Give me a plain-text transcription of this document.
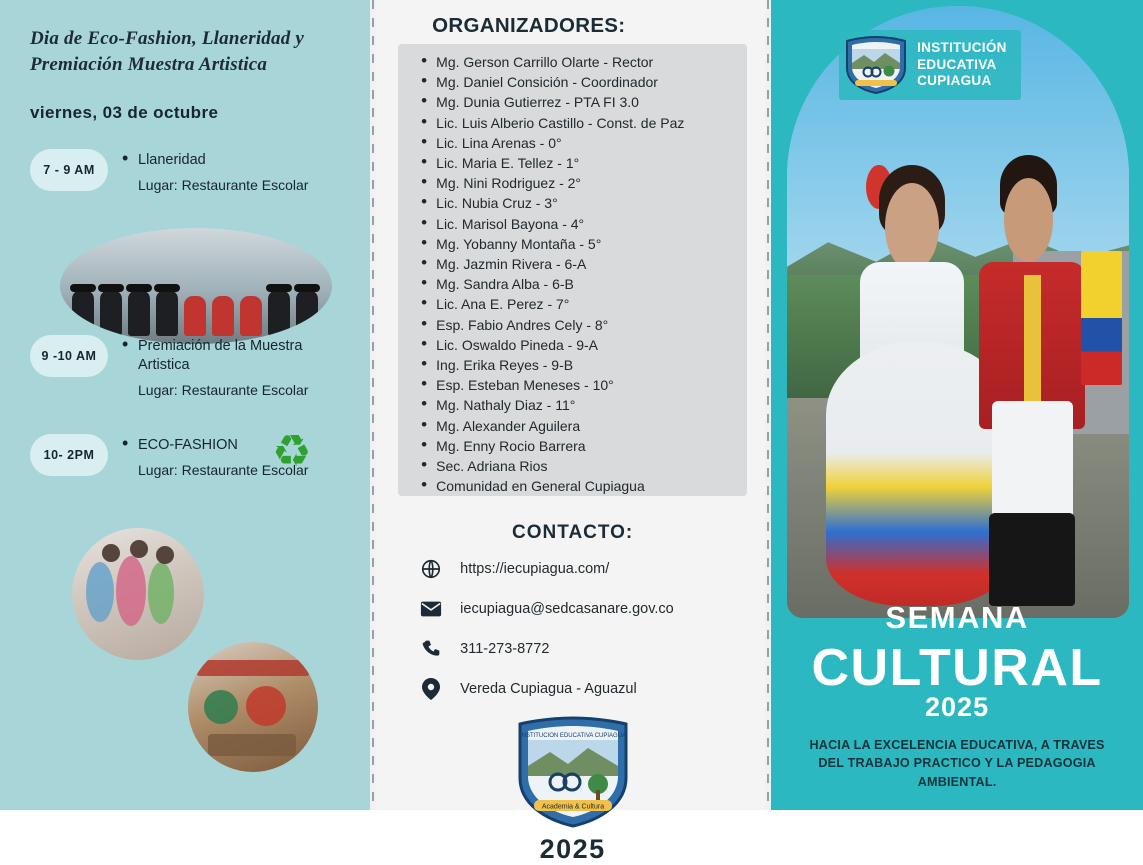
Dia de Eco-Fashion, Llaneridad y Premiación Muestra Artistica
viernes, 03 de octubre
7 - 9 AM
• Llaneridad
Lugar: Restaurante Escolar
9 -10 AM
• Premiación de la Muestra Artistica
Lugar: Restaurante Escolar
10- 2PM
• ECO-FASHION
Lugar: Restaurante Escolar
♻
ORGANIZADORES:
• Mg. Gerson Carrillo Olarte - Rector
• Mg. Daniel Consición - Coordinador
• Mg. Dunia Gutierrez - PTA FI 3.0
• Lic. Luis Alberio Castillo - Const. de Paz
• Lic. Lina Arenas - 0°
• Lic. Maria E. Tellez - 1°
• Mg. Nini Rodriguez - 2°
• Lic. Nubia Cruz - 3°
• Lic. Marisol Bayona - 4°
• Mg. Yobanny Montaña - 5°
• Mg. Jazmin Rivera - 6-A
• Mg. Sandra Alba - 6-B
• Lic. Ana E. Perez - 7°
• Esp. Fabio Andres Cely - 8°
• Lic. Oswaldo Pineda - 9-A
• Ing. Erika Reyes - 9-B
• Esp. Esteban Meneses - 10°
• Mg. Nathaly Diaz - 11°
• Mg. Alexander Aguilera
• Mg. Enny Rocio Barrera
• Sec. Adriana Rios
• Comunidad en General Cupiagua
CONTACTO:
https://iecupiagua.com/
iecupiagua@sedcasanare.gov.co
311-273-8772
Vereda Cupiagua - Aguazul
Academia & Cultura
INSTITUCION EDUCATIVA CUPIAGUA
2025
INSTITUCIÓN
EDUCATIVA
CUPIAGUA
SEMANA
CULTURAL
2025
HACIA LA EXCELENCIA EDUCATIVA, A TRAVES DEL TRABAJO PRACTICO Y LA PEDAGOGIA AMBIENTAL.
